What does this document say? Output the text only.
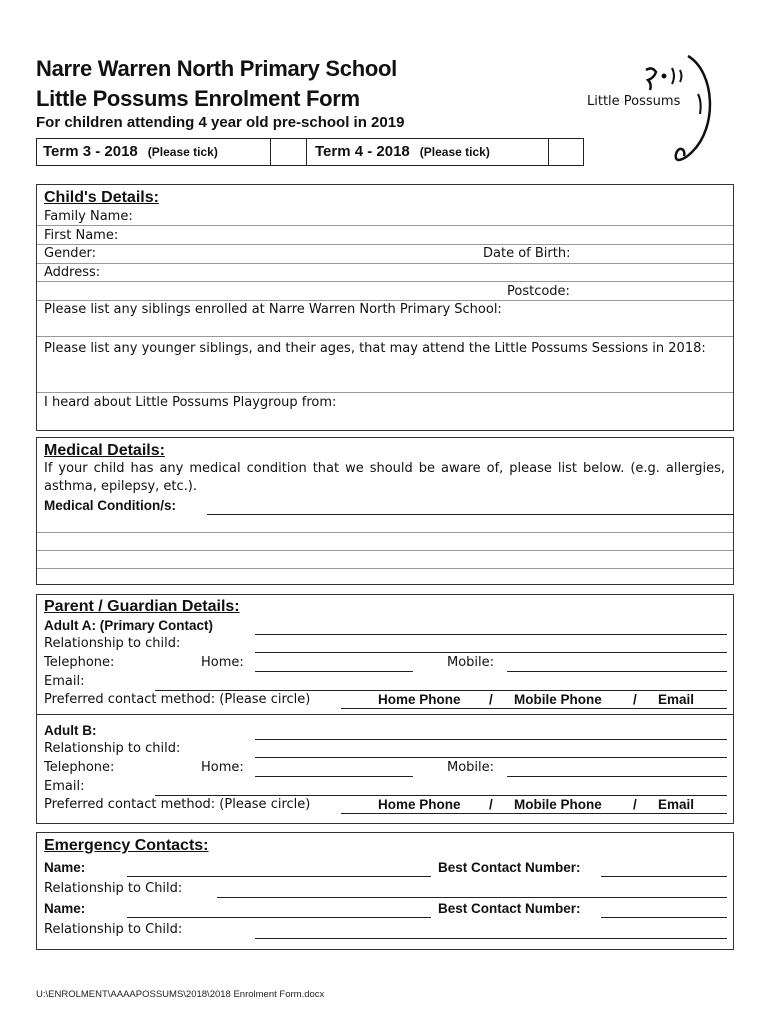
Narre Warren North Primary School
Little Possums Enrolment Form
For children attending 4 year old pre-school in 2019
Little Possums
Term 3 - 2018 (Please tick)	Term 4 - 2018 (Please tick)
Child's Details:
Family Name:
First Name:
Gender:	Date of Birth:
Address:
Postcode:
Please list any siblings enrolled at Narre Warren North Primary School:
Please list any younger siblings, and their ages, that may attend the Little Possums Sessions in 2018:
I heard about Little Possums Playgroup from:
Medical Details:
If your child has any medical condition that we should be aware of, please list below. (e.g. allergies, asthma, epilepsy, etc.).
Medical Condition/s:
Parent / Guardian Details:
Adult A: (Primary Contact)
Relationship to child:
Telephone:	Home:	Mobile:
Email:
Preferred contact method: (Please circle)	Home Phone / Mobile Phone / Email
Adult B:
Relationship to child:
Telephone:	Home:	Mobile:
Email:
Preferred contact method: (Please circle)	Home Phone / Mobile Phone / Email
Emergency Contacts:
Name:	Best Contact Number:
Relationship to Child:
Name:	Best Contact Number:
Relationship to Child:
U:\ENROLMENT\AAAAPOSSUMS\2018\2018 Enrolment Form.docx
